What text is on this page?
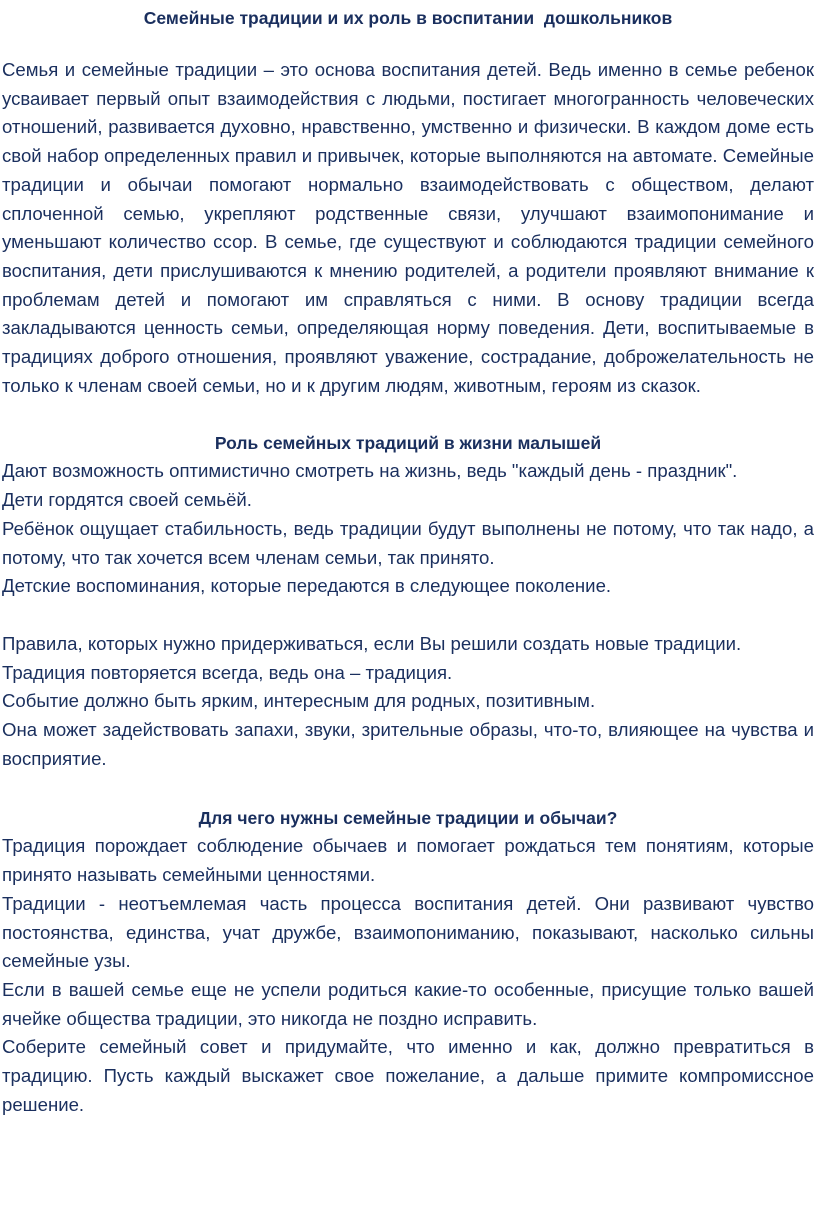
Семейные традиции и их роль в воспитании  дошкольников

Семья и семейные традиции – это основа воспитания детей. Ведь именно в семье ребенок усваивает первый опыт взаимодействия с людьми, постигает многогранность человеческих отношений, развивается духовно, нравственно, умственно и физически. В каждом доме есть свой набор определенных правил и привычек, которые выполняются на автомате. Семейные традиции и обычаи помогают нормально взаимодействовать с обществом, делают сплоченной семью, укрепляют родственные связи, улучшают взаимопонимание и уменьшают количество ссор. В семье, где существуют и соблюдаются традиции семейного воспитания, дети прислушиваются к мнению родителей, а родители проявляют внимание к проблемам детей и помогают им справляться с ними. В основу традиции всегда закладываются ценность семьи, определяющая норму поведения. Дети, воспитываемые в традициях доброго отношения, проявляют уважение, сострадание, доброжелательность не только к членам своей семьи, но и к другим людям, животным, героям из сказок.

Роль семейных традиций в жизни малышей

Дают возможность оптимистично смотреть на жизнь, ведь "каждый день - праздник".

Дети гордятся своей семьёй.

Ребёнок ощущает стабильность, ведь традиции будут выполнены не потому, что так надо, а потому, что так хочется всем членам семьи, так принято.

Детские воспоминания, которые передаются в следующее поколение.

Правила, которых нужно придерживаться, если Вы решили создать новые традиции.

Традиция повторяется всегда, ведь она – традиция.

Событие должно быть ярким, интересным для родных, позитивным.

Она может задействовать запахи, звуки, зрительные образы, что-то, влияющее на чувства и восприятие.

Для чего нужны семейные традиции и обычаи?

Традиция порождает соблюдение обычаев и помогает рождаться тем понятиям, которые принято называть семейными ценностями.

Традиции - неотъемлемая часть процесса воспитания детей. Они развивают чувство постоянства, единства, учат дружбе, взаимопониманию, показывают, насколько сильны семейные узы.

Если в вашей семье еще не успели родиться какие-то особенные, присущие только вашей ячейке общества традиции, это никогда не поздно исправить.

Соберите семейный совет и придумайте, что именно и как, должно превратиться в традицию. Пусть каждый выскажет свое пожелание, а дальше примите компромиссное решение.
